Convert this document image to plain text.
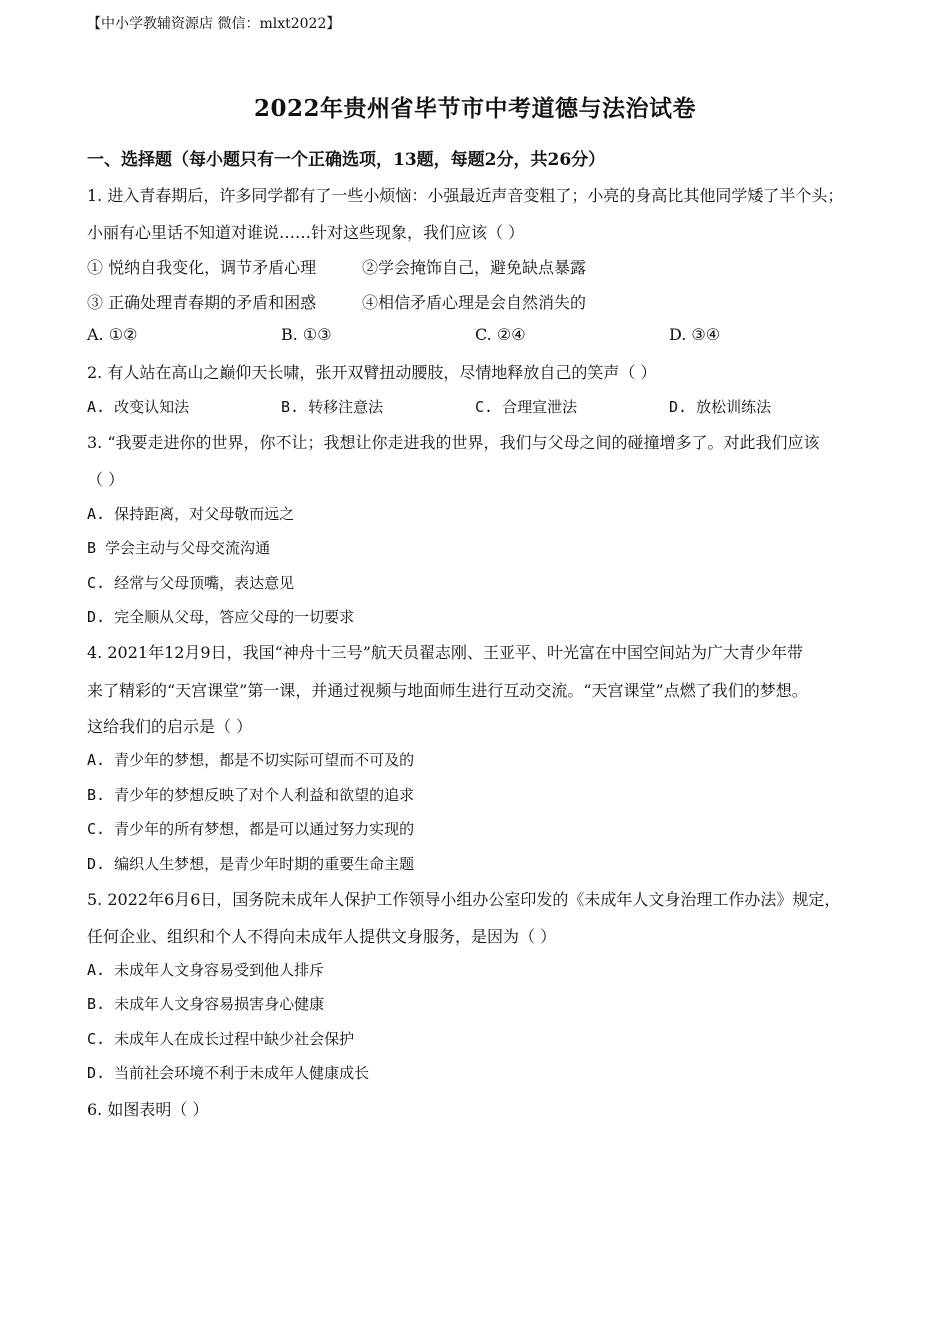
【中小学教辅资源店 微信：mlxt2022】
2022年贵州省毕节市中考道德与法治试卷
一、选择题（每小题只有一个正确选项，13题，每题2分，共26分）
1. 进入青春期后，许多同学都有了一些小烦恼：小强最近声音变粗了；小亮的身高比其他同学矮了半个头；
小丽有心里话不知道对谁说……针对这些现象，我们应该（ ）
① 悦纳自我变化，调节矛盾心理	②学会掩饰自己，避免缺点暴露
③ 正确处理青春期的矛盾和困惑	④相信矛盾心理是会自然消失的
A. ①②	B. ①③	C. ②④	D. ③④
2. 有人站在高山之巅仰天长啸，张开双臂扭动腰肢，尽情地释放自己的笑声（ ）
A. 改变认知法	B. 转移注意法	C. 合理宣泄法	D. 放松训练法
3. “我要走进你的世界，你不让；我想让你走进我的世界，我们与父母之间的碰撞增多了。对此我们应该
（ ）
A. 保持距离，对父母敬而远之
B 学会主动与父母交流沟通
C. 经常与父母顶嘴，表达意见
D. 完全顺从父母，答应父母的一切要求
4. 2021年12月9日，我国“神舟十三号”航天员翟志刚、王亚平、叶光富在中国空间站为广大青少年带
来了精彩的“天宫课堂”第一课，并通过视频与地面师生进行互动交流。“天宫课堂”点燃了我们的梦想。
这给我们的启示是（ ）
A. 青少年的梦想，都是不切实际可望而不可及的
B. 青少年的梦想反映了对个人利益和欲望的追求
C. 青少年的所有梦想，都是可以通过努力实现的
D. 编织人生梦想，是青少年时期的重要生命主题
5. 2022年6月6日，国务院未成年人保护工作领导小组办公室印发的《未成年人文身治理工作办法》规定，
任何企业、组织和个人不得向未成年人提供文身服务，是因为（ ）
A. 未成年人文身容易受到他人排斥
B. 未成年人文身容易损害身心健康
C. 未成年人在成长过程中缺少社会保护
D. 当前社会环境不利于未成年人健康成长
6. 如图表明（ ）
